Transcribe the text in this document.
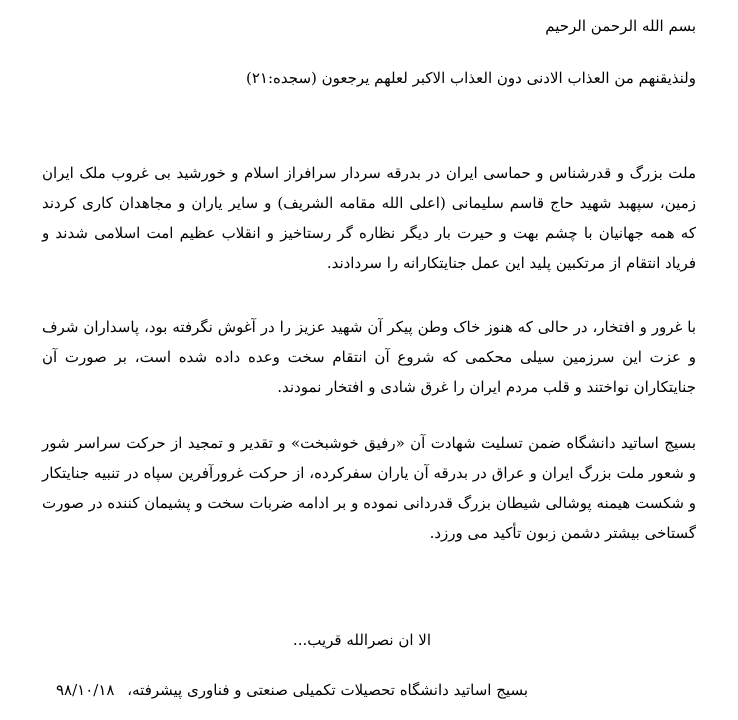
بسم الله الرحمن الرحیم
ولنذیقنهم من العذاب الادنی دون العذاب الاکبر لعلهم یرجعون (سجده:۲۱)
ملت بزرگ و قدرشناس و حماسی ایران در بدرقه سردار سرافراز اسلام و خورشید بی غروب ملک ایران زمین، سپهبد شهید حاج قاسم سلیمانی (اعلی الله مقامه الشریف) و سایر یاران و مجاهدان کاری کردند که همه جهانیان با چشم بهت و حیرت بار دیگر نظاره گر رستاخیز و انقلاب عظیم امت اسلامی شدند و فریاد انتقام از مرتکبین پلید این عمل جنایتکارانه را سردادند.
با غرور و افتخار، در حالی که هنوز خاک وطن پیکر آن شهید عزیز را در آغوش نگرفته بود، پاسداران شرف و عزت این سرزمین سیلی محکمی که شروع آن انتقام سخت وعده داده شده است، بر صورت آن جنایتکاران نواختند و قلب مردم ایران را غرق شادی و افتخار نمودند.
بسیج اساتید دانشگاه ضمن تسلیت شهادت آن «رفیق خوشبخت» و تقدیر و تمجید از حرکت سراسر شور و شعور ملت بزرگ ایران و عراق در بدرقه آن یاران سفرکرده، از حرکت غرورآفرین سپاه در تنبیه جنایتکار و شکست هیمنه پوشالی شیطان بزرگ قدردانی نموده و بر ادامه ضربات سخت و پشیمان کننده در صورت گستاخی بیشتر دشمن زبون تأکید می ورزد.
الا ان نصرالله قریب...
بسیج اساتید دانشگاه تحصیلات تکمیلی صنعتی و فناوری پیشرفته،
۹۸/۱۰/۱۸
